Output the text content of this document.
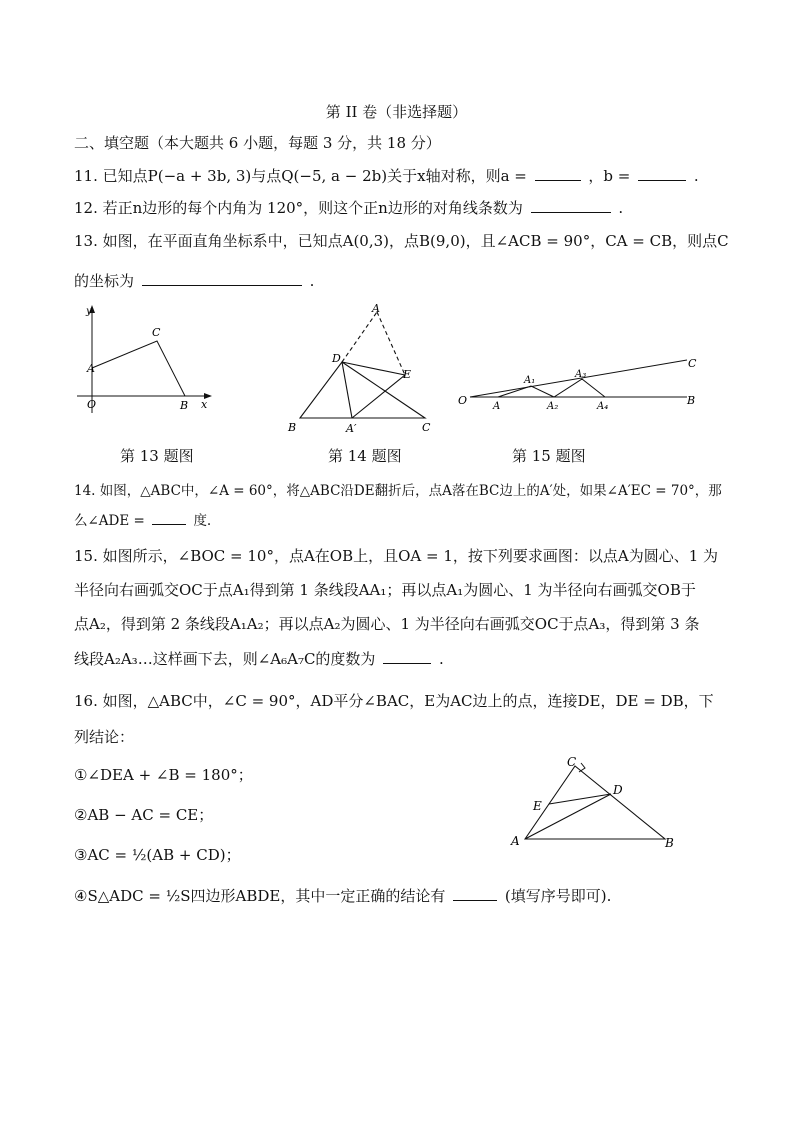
第 II 卷（非选择题）
二、填空题（本大题共 6 小题，每题 3 分，共 18 分）
11. 已知点P(−a + 3b, 3)与点Q(−5, a − 2b)关于x轴对称，则a =	，b =	.
12. 若正n边形的每个内角为 120°，则这个正n边形的对角线条数为	.
13. 如图，在平面直角坐标系中，已知点A(0,3)，点B(9,0)，且∠ACB = 90°，CA = CB，则点C
的坐标为	.
y
x
O
A
B
C
A
D
E
B	A′	C
O	A
A₁
A₂
A₃
A₄	B
C
第 13 题图	第 14 题图	第 15 题图
14. 如图，△ABC中，∠A = 60°，将△ABC沿DE翻折后，点A落在BC边上的A′处，如果∠A′EC = 70°，那
么∠ADE =	度.
15. 如图所示，∠BOC = 10°，点A在OB上，且OA = 1，按下列要求画图：以点A为圆心、1 为
半径向右画弧交OC于点A₁得到第 1 条线段AA₁；再以点A₁为圆心、1 为半径向右画弧交OB于
点A₂，得到第 2 条线段A₁A₂；再以点A₂为圆心、1 为半径向右画弧交OC于点A₃，得到第 3 条
线段A₂A₃…这样画下去，则∠A₆A₇C的度数为	.
16. 如图，△ABC中，∠C = 90°，AD平分∠BAC，E为AC边上的点，连接DE，DE = DB，下
列结论：
①∠DEA + ∠B = 180°；
②AB − AC = CE；
③AC = ½(AB + CD)；
④S△ADC = ½S四边形ABDE，其中一定正确的结论有	(填写序号即可).
C
D
E
A	B
